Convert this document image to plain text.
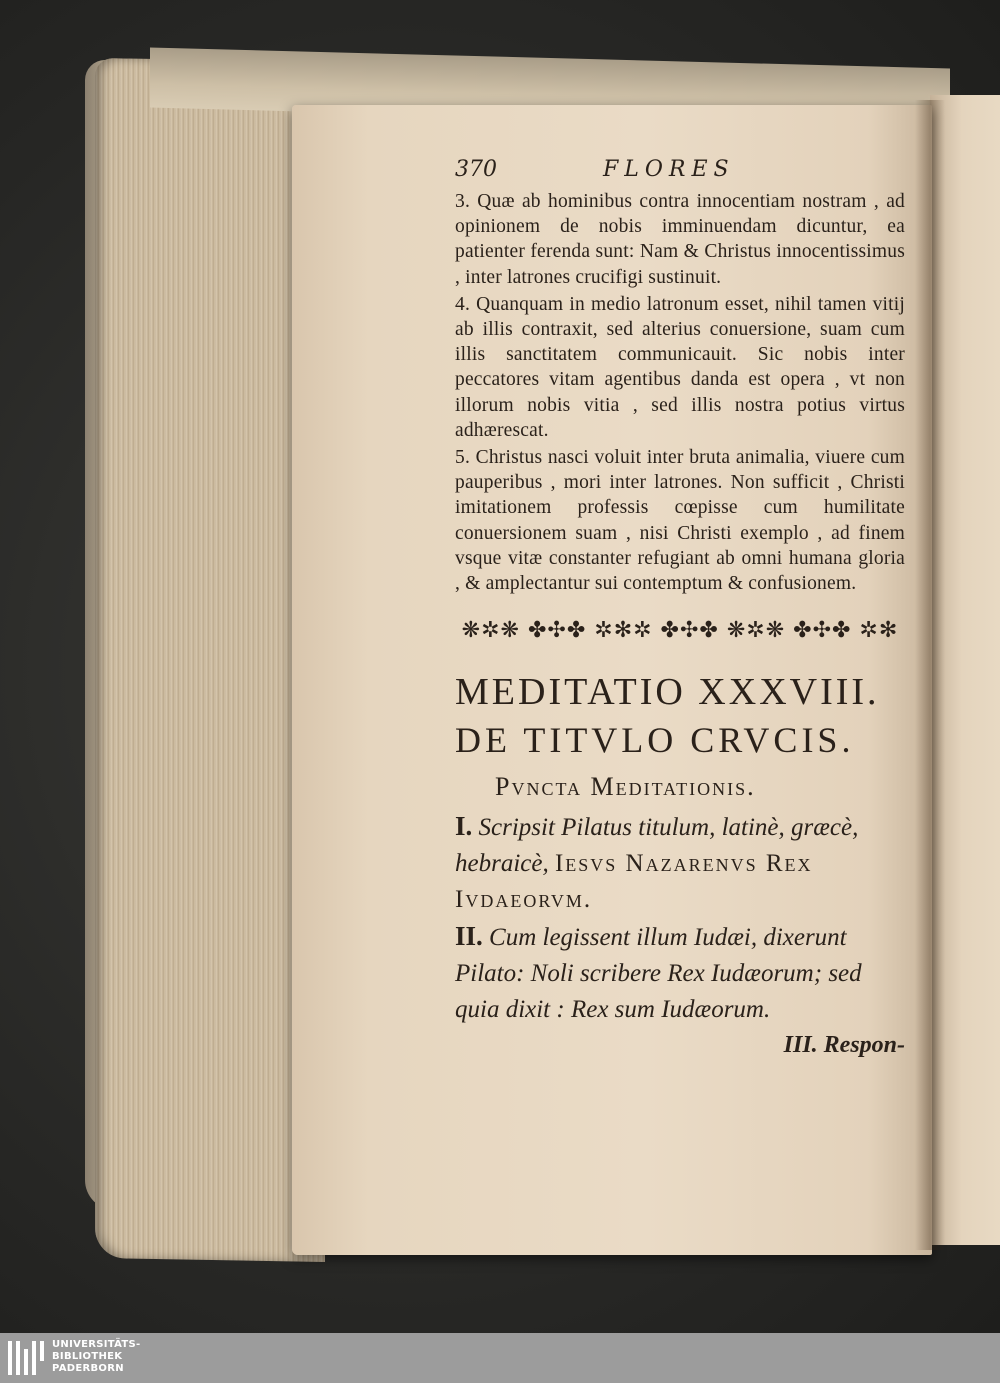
370	FLORES

3. Quæ ab hominibus contra innocentiam nostram , ad opinionem de nobis imminuendam dicuntur, ea patienter ferenda sunt: Nam & Christus innocentissimus , inter latrones crucifigi sustinuit.

4. Quanquam in medio latronum esset, nihil tamen vitij ab illis contraxit, sed alterius conuersione, suam cum illis sanctitatem communicauit. Sic nobis inter peccatores vitam agentibus danda est opera , vt non illorum nobis vitia , sed illis nostra potius virtus adhærescat.

5. Christus nasci voluit inter bruta animalia, viuere cum pauperibus , mori inter latrones. Non sufficit , Christi imitationem professis cœpisse cum humilitate conuersionem suam , nisi Christi exemplo , ad finem vsque vitæ constanter refugiant ab omni humana gloria , & amplectantur sui contemptum & confusionem.

❋✲❋ ✤✣✤ ✲✻✲ ✤✣✤ ❋✲❋ ✤✣✤ ✲✻
MEDITATIO XXXVIII.
DE TITVLO CRVCIS.
Pvncta Meditationis.

I. Scripsit Pilatus titulum, latinè, græcè, hebraicè, Iesvs Nazarenvs Rex Ivdaeorvm.

II. Cum legissent illum Iudæi, dixerunt Pilato: Noli scribere Rex Iudæorum; sed quia dixit : Rex sum Iudæorum.

III. Respon-
UNIVERSITÄTS-
BIBLIOTHEK
PADERBORN
